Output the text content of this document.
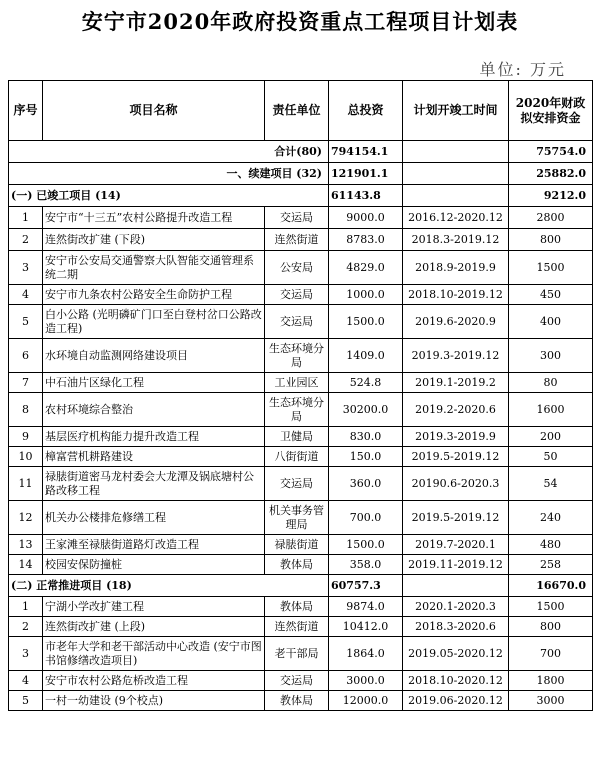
安宁市2020年政府投资重点工程项目计划表
单位: 万元
序号	项目名称	责任单位	总投资	计划开竣工时间	2020年财政拟安排资金
合计(80)			794154.1		75754.0
一、续建项目 (32)			121901.1		25882.0
(一) 已竣工项目 (14)			61143.8		9212.0
1	安宁市“十三五”农村公路提升改造工程	交运局	9000.0	2016.12-2020.12	2800
2	连然街改扩建 (下段)	连然街道	8783.0	2018.3-2019.12	800
3	安宁市公安局交通警察大队智能交通管理系统二期	公安局	4829.0	2018.9-2019.9	1500
4	安宁市九条农村公路安全生命防护工程	交运局	1000.0	2018.10-2019.12	450
5	白小公路 (光明磷矿门口至白登村岔口公路改造工程)	交运局	1500.0	2019.6-2020.9	400
6	水环境自动监测网络建设项目	生态环境分局	1409.0	2019.3-2019.12	300
7	中石油片区绿化工程	工业园区	524.8	2019.1-2019.2	80
8	农村环境综合整治	生态环境分局	30200.0	2019.2-2020.6	1600
9	基层医疗机构能力提升改造工程	卫健局	830.0	2019.3-2019.9	200
10	樟富营机耕路建设	八街街道	150.0	2019.5-2019.12	50
11	禄脿街道密马龙村委会大龙潭及锅底塘村公路改移工程	交运局	360.0	20190.6-2020.3	54
12	机关办公楼排危修缮工程	机关事务管理局	700.0	2019.5-2019.12	240
13	王家滩至禄脿街道路灯改造工程	禄脿街道	1500.0	2019.7-2020.1	480
14	校园安保防撞桩	教体局	358.0	2019.11-2019.12	258
(二) 正常推进项目 (18)			60757.3		16670.0
1	宁湖小学改扩建工程	教体局	9874.0	2020.1-2020.3	1500
2	连然街改扩建 (上段)	连然街道	10412.0	2018.3-2020.6	800
3	市老年大学和老干部活动中心改造 (安宁市图书馆修缮改造项目)	老干部局	1864.0	2019.05-2020.12	700
4	安宁市农村公路危桥改造工程	交运局	3000.0	2018.10-2020.12	1800
5	一村一幼建设 (9个校点)	教体局	12000.0	2019.06-2020.12	3000
